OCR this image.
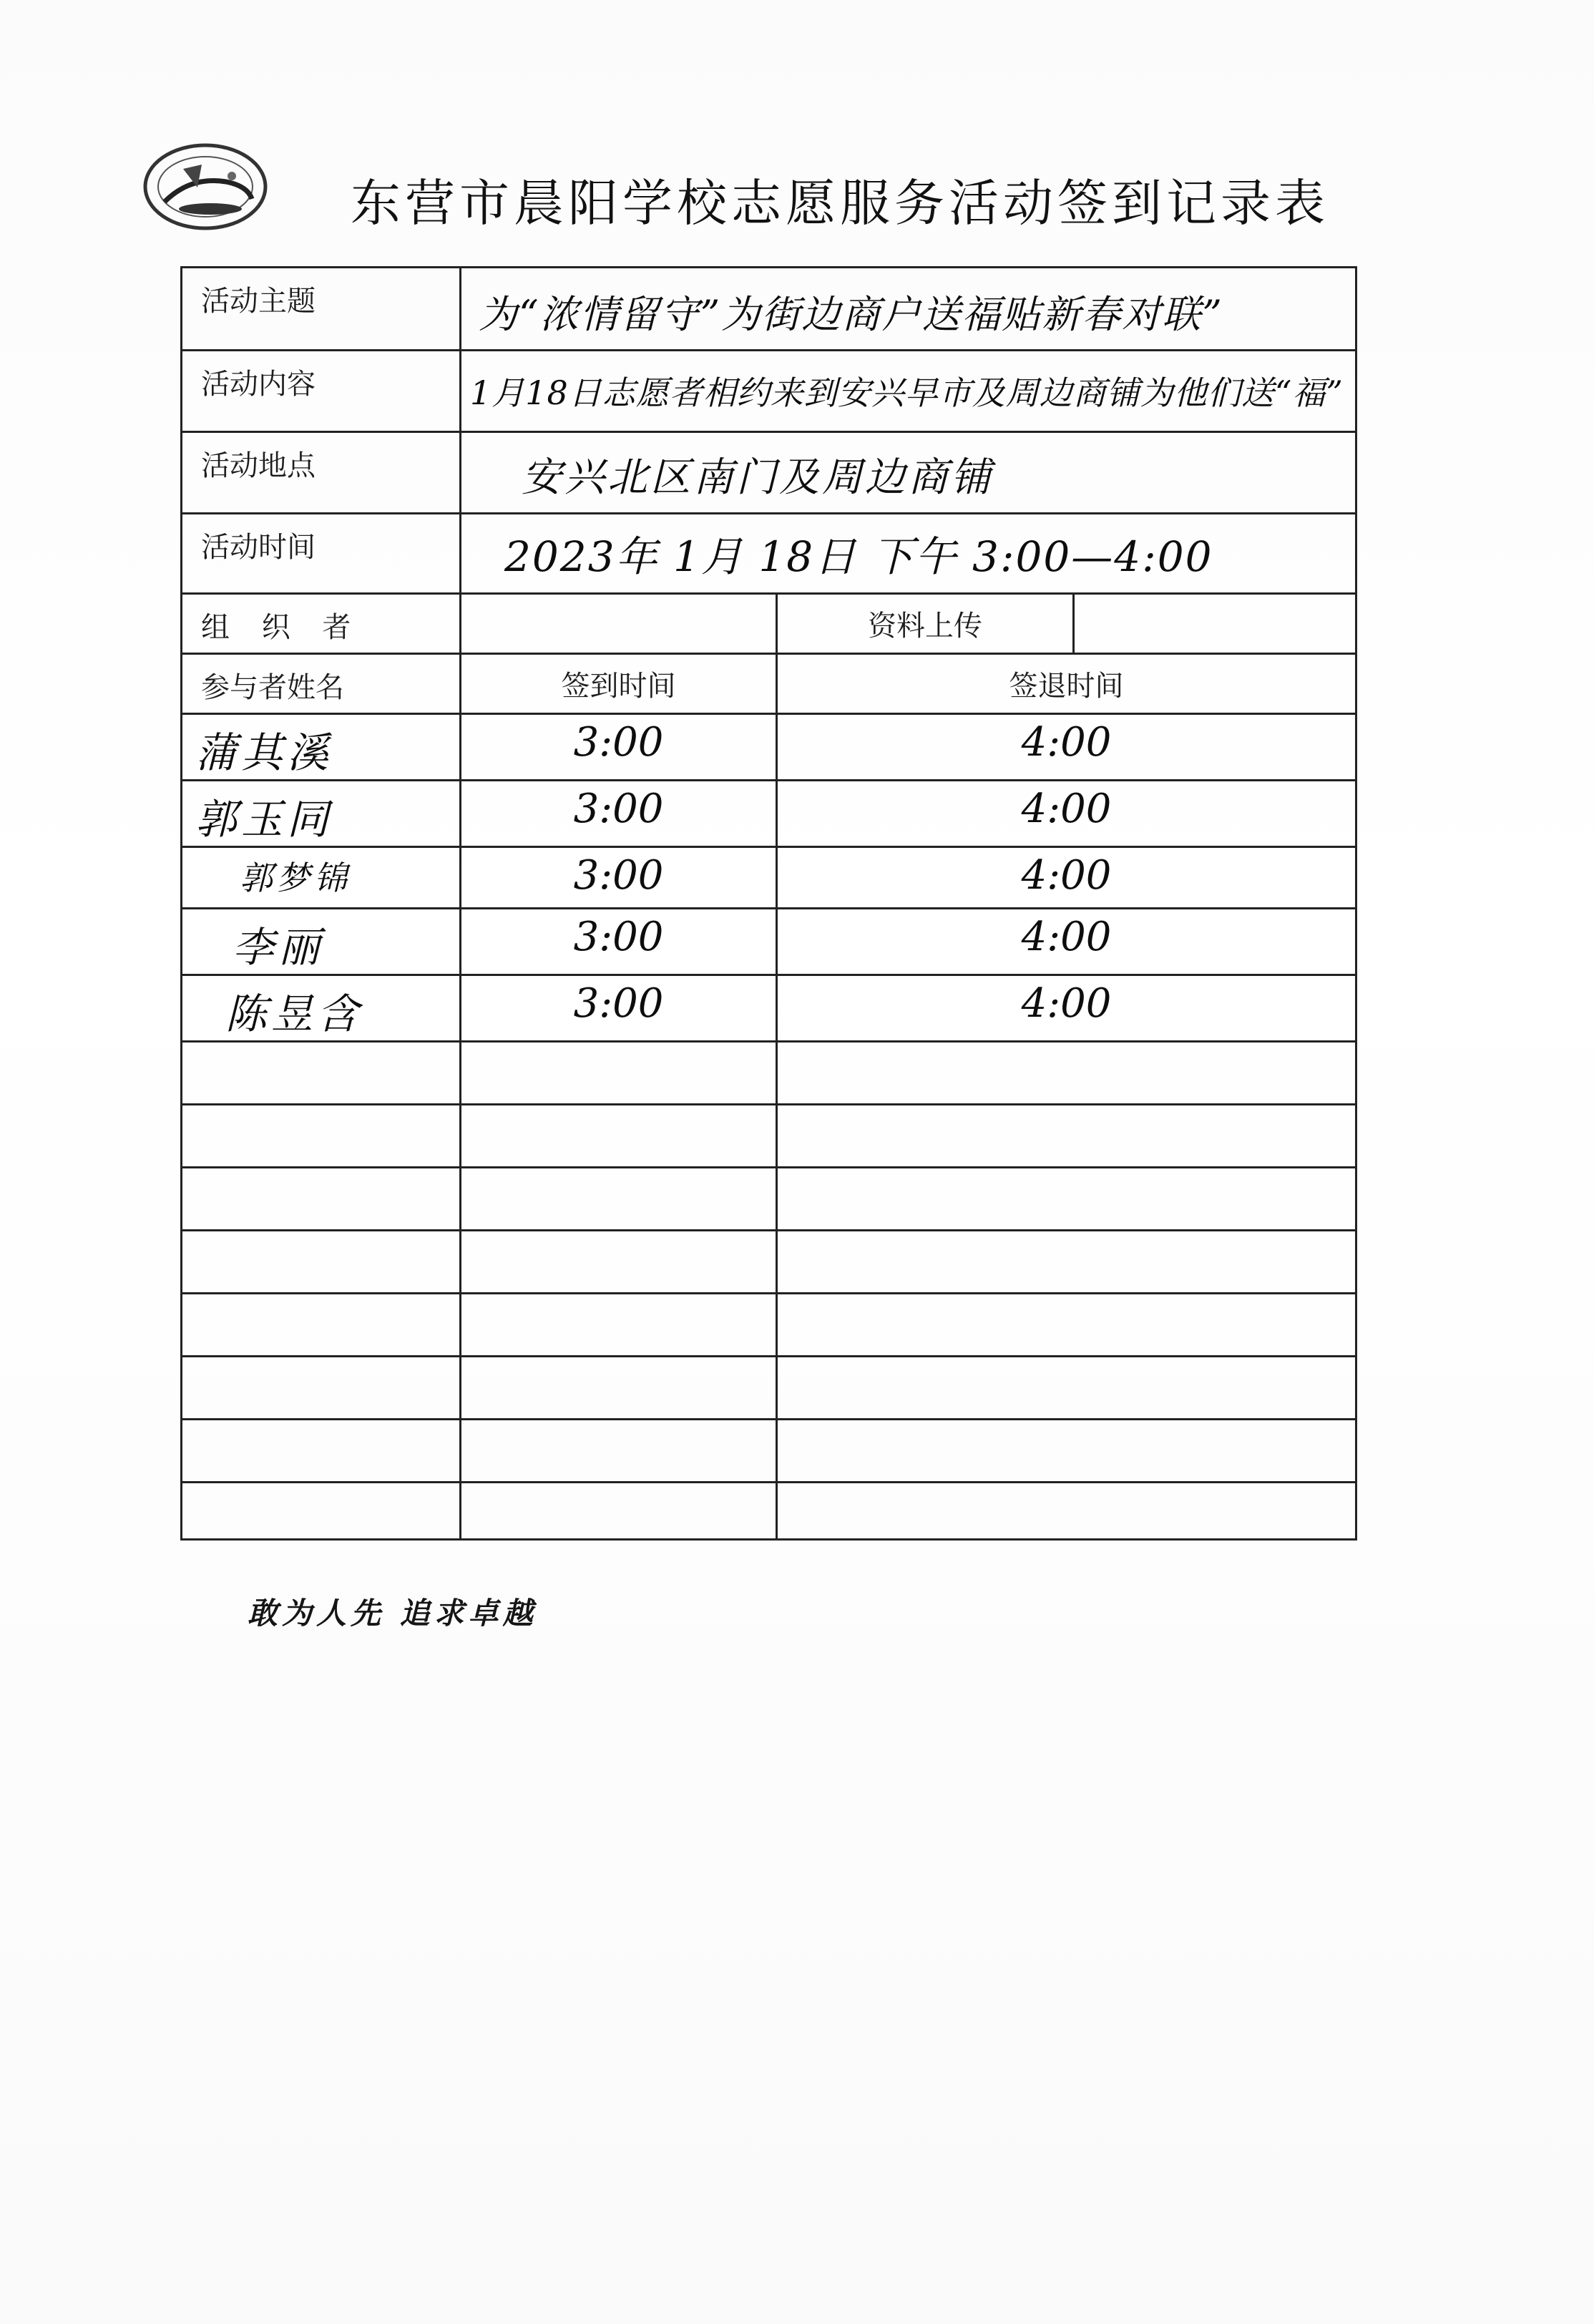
东营市晨阳学校志愿服务活动签到记录表
活动主题	为“浓情留守”为街边商户送福贴新春对联”		

活动内容	1月18日志愿者相约来到安兴早市及周边商铺为他们送“福”		

活动地点	安兴北区南门及周边商铺		

活动时间	2023年 1月 18日 下午 3:00—4:00		

组 织 者		资料上传	

参与者姓名	签到时间	签退时间	

蒲其溪	3:00	4:00	

郭玉同	3:00	4:00	

郭梦锦	3:00	4:00	

李丽	3:00	4:00	

陈昱含	3:00	4:00	

敢为人先 追求卓越
